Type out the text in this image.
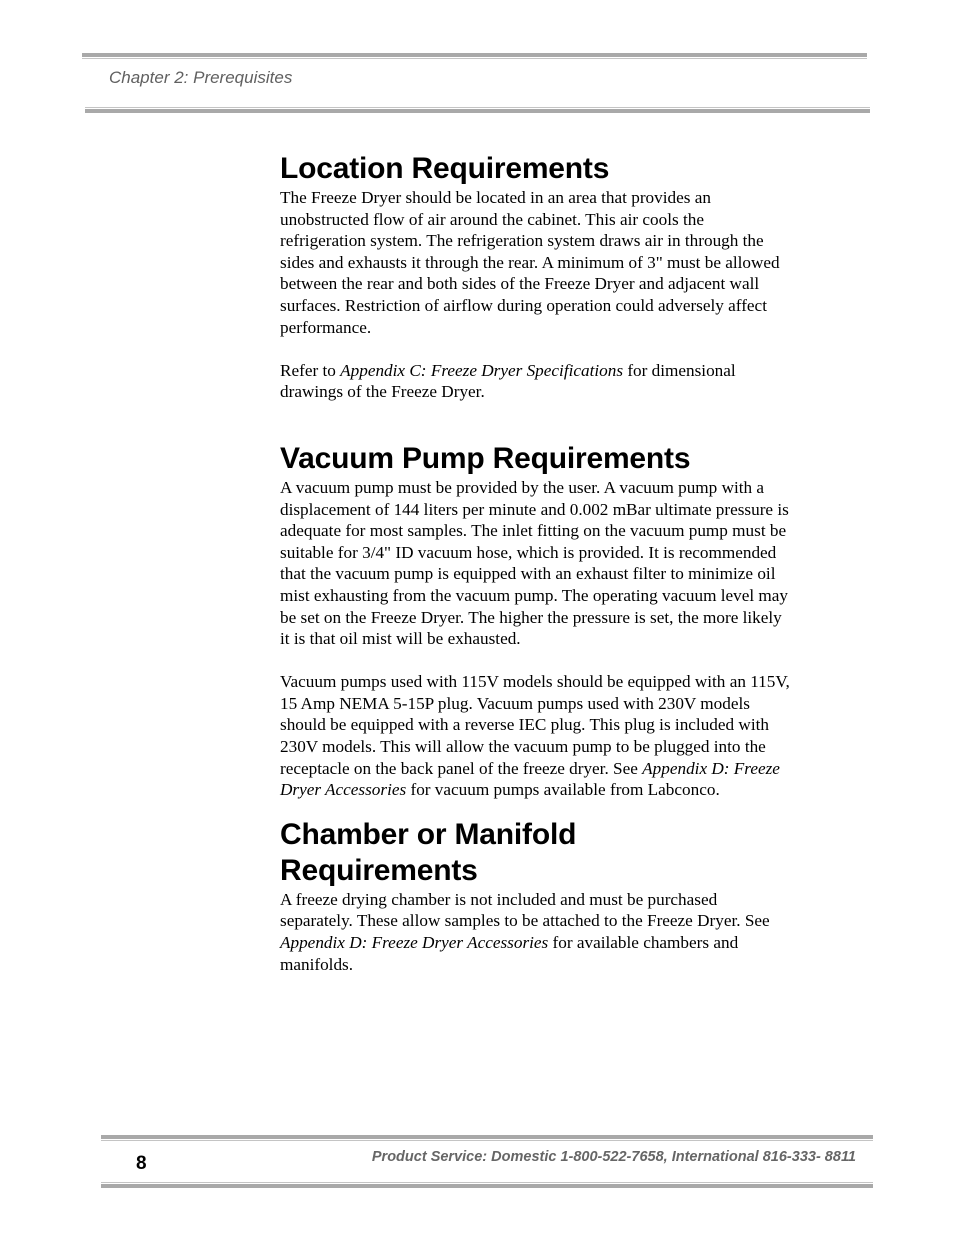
Chapter 2: Prerequisites
Location Requirements

The Freeze Dryer should be located in an area that provides an unobstructed flow of air around the cabinet. This air cools the refrigeration system. The refrigeration system draws air in through the sides and exhausts it through the rear. A minimum of 3" must be allowed between the rear and both sides of the Freeze Dryer and adjacent wall surfaces. Restriction of airflow during operation could adversely affect performance.

Refer to Appendix C: Freeze Dryer Specifications for dimensional drawings of the Freeze Dryer.

Vacuum Pump Requirements

A vacuum pump must be provided by the user. A vacuum pump with a displacement of 144 liters per minute and 0.002 mBar ultimate pressure is adequate for most samples. The inlet fitting on the vacuum pump must be suitable for 3/4" ID vacuum hose, which is provided. It is recommended that the vacuum pump is equipped with an exhaust filter to minimize oil mist exhausting from the vacuum pump. The operating vacuum level may be set on the Freeze Dryer. The higher the pressure is set, the more likely it is that oil mist will be exhausted.

Vacuum pumps used with 115V models should be equipped with an 115V, 15 Amp NEMA 5-15P plug. Vacuum pumps used with 230V models should be equipped with a reverse IEC plug. This plug is included with 230V models. This will allow the vacuum pump to be plugged into the receptacle on the back panel of the freeze dryer. See Appendix D: Freeze Dryer Accessories for vacuum pumps available from Labconco.

Chamber or Manifold Requirements

A freeze drying chamber is not included and must be purchased separately. These allow samples to be attached to the Freeze Dryer. See Appendix D: Freeze Dryer Accessories for available chambers and manifolds.

8	Product Service: Domestic 1-800-522-7658, International 816-333- 8811
